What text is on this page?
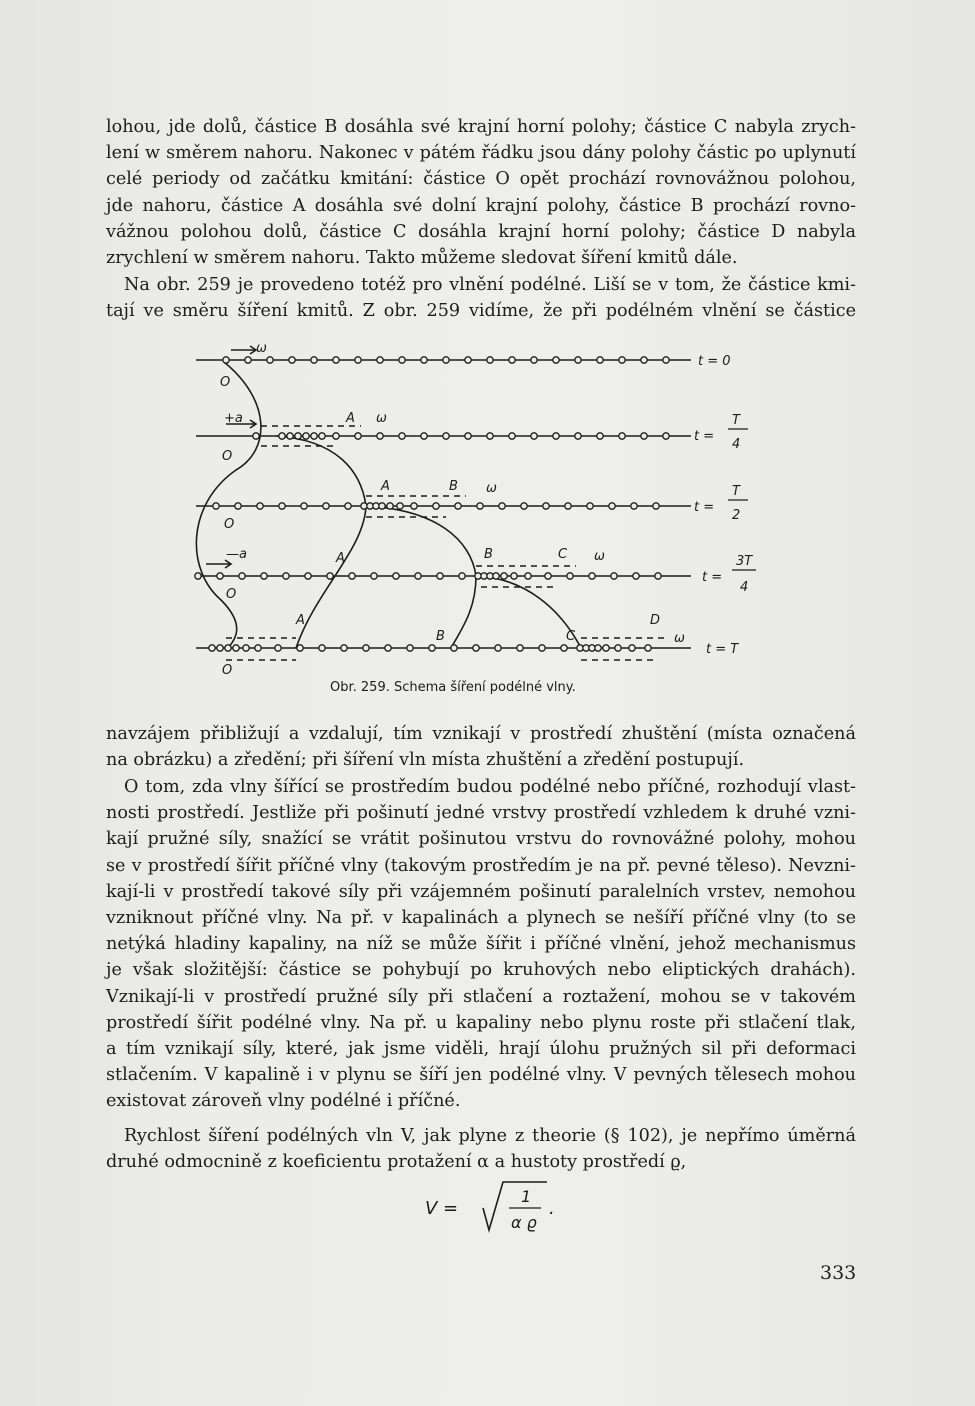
lohou, jde dolů, částice B dosáhla své krajní horní polohy; částice C nabyla zrych-
lení w směrem nahoru. Nakonec v pátém řádku jsou dány polohy částic po uplynutí
celé periody od začátku kmitání: částice O opět prochází rovnovážnou polohou,
jde nahoru, částice A dosáhla své dolní krajní polohy, částice B prochází rovno-
vážnou polohou dolů, částice C dosáhla krajní horní polohy; částice D nabyla
zrychlení w směrem nahoru. Takto můžeme sledovat šíření kmitů dále.

Na obr. 259 je provedeno totéž pro vlnění podélné. Liší se v tom, že částice kmi-
tají ve směru šíření kmitů. Z obr. 259 vidíme, že při podélném vlnění se částice

ω
O
+a	A ω
O
A	B ω
O
—a	A	B	C ω
O
A
B	C
D
ω
O
t = 0
t =
T
4
t =
T
2
t =
3T
4
t = T
Obr. 259. Schema šíření podélné vlny.

navzájem přibližují a vzdalují, tím vznikají v prostředí zhuštění (místa označená
na obrázku) a zředění; při šíření vln místa zhuštění a zředění postupují.

O tom, zda vlny šířící se prostředím budou podélné nebo příčné, rozhodují vlast-
nosti prostředí. Jestliže při pošinutí jedné vrstvy prostředí vzhledem k druhé vzni-
kají pružné síly, snažící se vrátit pošinutou vrstvu do rovnovážné polohy, mohou
se v prostředí šířit příčné vlny (takovým prostředím je na př. pevné těleso). Nevzni-
kají-li v prostředí takové síly při vzájemném pošinutí paralelních vrstev, nemohou
vzniknout příčné vlny. Na př. v kapalinách a plynech se nešíří příčné vlny (to se
netýká hladiny kapaliny, na níž se může šířit i příčné vlnění, jehož mechanismus
je však složitější: částice se pohybují po kruhových nebo eliptických drahách).
Vznikají-li v prostředí pružné síly při stlačení a roztažení, mohou se v takovém
prostředí šířit podélné vlny. Na př. u kapaliny nebo plynu roste při stlačení tlak,
a tím vznikají síly, které, jak jsme viděli, hrají úlohu pružných sil při deformaci
stlačením. V kapalině i v plynu se šíří jen podélné vlny. V pevných tělesech mohou
existovat zároveň vlny podélné i příčné.

Rychlost šíření podélných vln V, jak plyne z theorie (§ 102), je nepřímo úměrná
druhé odmocnině z koeficientu protažení α a hustoty prostředí ϱ,

V =
1
α ϱ
.
333
